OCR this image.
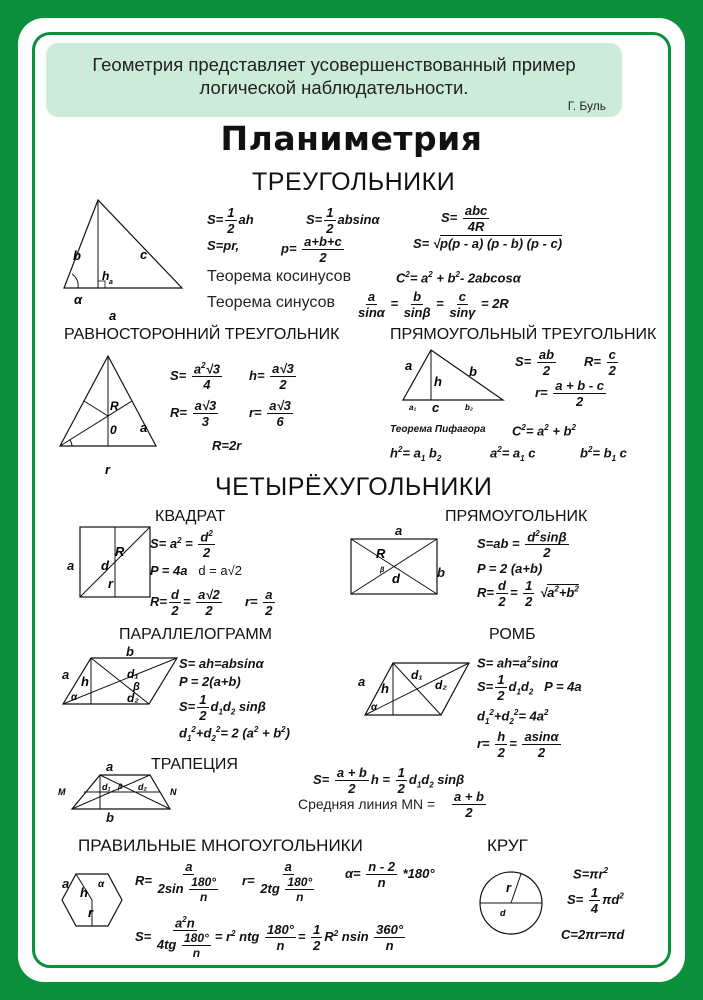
Геометрия представляет усовершенствованный пример
логической наблюдательности.
Г. Буль
Планиметрия
ТРЕУГОЛЬНИКИ
b	c
h a
α
a
$S= \frac{1}{2}$ ah	$S= \frac{1}{2}$ absinα	S= abc
4R
S=pr,	$p= \frac{a+b+c}{2}$	S= √p(p - a) (p - b) (p - c)
Теорема косинусов	$C^2= a^2 + b^2-$ 2abcosα
Теорема синусов $\frac{a}{\sin\alpha} = \frac{b}{\sin\beta} = \frac{c}{\sin\gamma} = 2R$
РАВНОСТОРОННИЙ ТРЕУГОЛЬНИК	ПРЯМОУГОЛЬНЫЙ ТРЕУГОЛЬНИК
R
0 a
r
$S= \frac{a^2√3}{4} h= \frac{a√3}{2}$
$R= \frac{a√3}{3} r= \frac{a√3}{6}$
R=2r
a	b
h
a₁ c	b₂
$S= \frac{ab}{2} R= \frac{c}{2}$
$r= \frac{a + b - c}{2}$
Теорема Пифагора $C^2= a^2 + b^2$
$h^2= a_1$ $b_2$	$a^2= a_1$ c	$b^2= b_1$ c
ЧЕТЫРЁХУГОЛЬНИКИ
КВАДРАТ	ПРЯМОУГОЛЬНИК
R
d
r
a
$S= a^2 = \frac{d^2}{2}$
P = 4a   d = a√2
$R= \frac{d}{2} = \frac{a√2}{2} r= \frac{a}{2}$
R
d
β
a
b
$S=ab = \frac{d^2\sin\beta}{2}$
P = 2 (a+b)
$R= \frac{d}{2} = \frac{1}{2} √a^2+b^2$
ПАРАЛЛЕЛОГРАММ	РОМБ
h
α
d₁
d₂
β
b
a
S= ah=absinα
P = 2(a+b)
$S= \frac{1}{2} d_1d_2$ sinβ
$d_1^2+d_2^2= 2$ $(a^2 + b^2)$
h
α
d₁
d₂
a
$S= ah=a^2\sin\alpha$
$S= \frac{1}{2} d_1d_2$   P = 4a
$d_1^2+d_2^2= 4a^2$
$r= \frac{h}{2} = \frac{asin\alpha}{2}$
ТРАПЕЦИЯ
d₁	d₂
β
M	N
a
b
$S= \frac{a + b}{2}$ $h = \frac{1}{2} d_1d_2$ sinβ
Средняя линия MN = $\frac{a + b}{2}$
ПРАВИЛЬНЫЕ МНОГОУГОЛЬНИКИ	КРУГ
h
r
α
a	$R= \frac{a}{2\sin \frac{180^\circ}{n}} r= \frac{a}{2tg \frac{180^\circ}{n}} \alpha= \frac{n - 2}{n} *180^\circ$
$S= \frac{a^2n}{4tg \frac{180^\circ}{n}} = r^2$ ntg $\frac{180^\circ}{n} = \frac{1}{2} R^2$ nsin $\frac{360^\circ}{n}$
r
d
$S=\pi r^2$
$S= \frac{1}{4} \pi d^2$
C=2πr=πd
